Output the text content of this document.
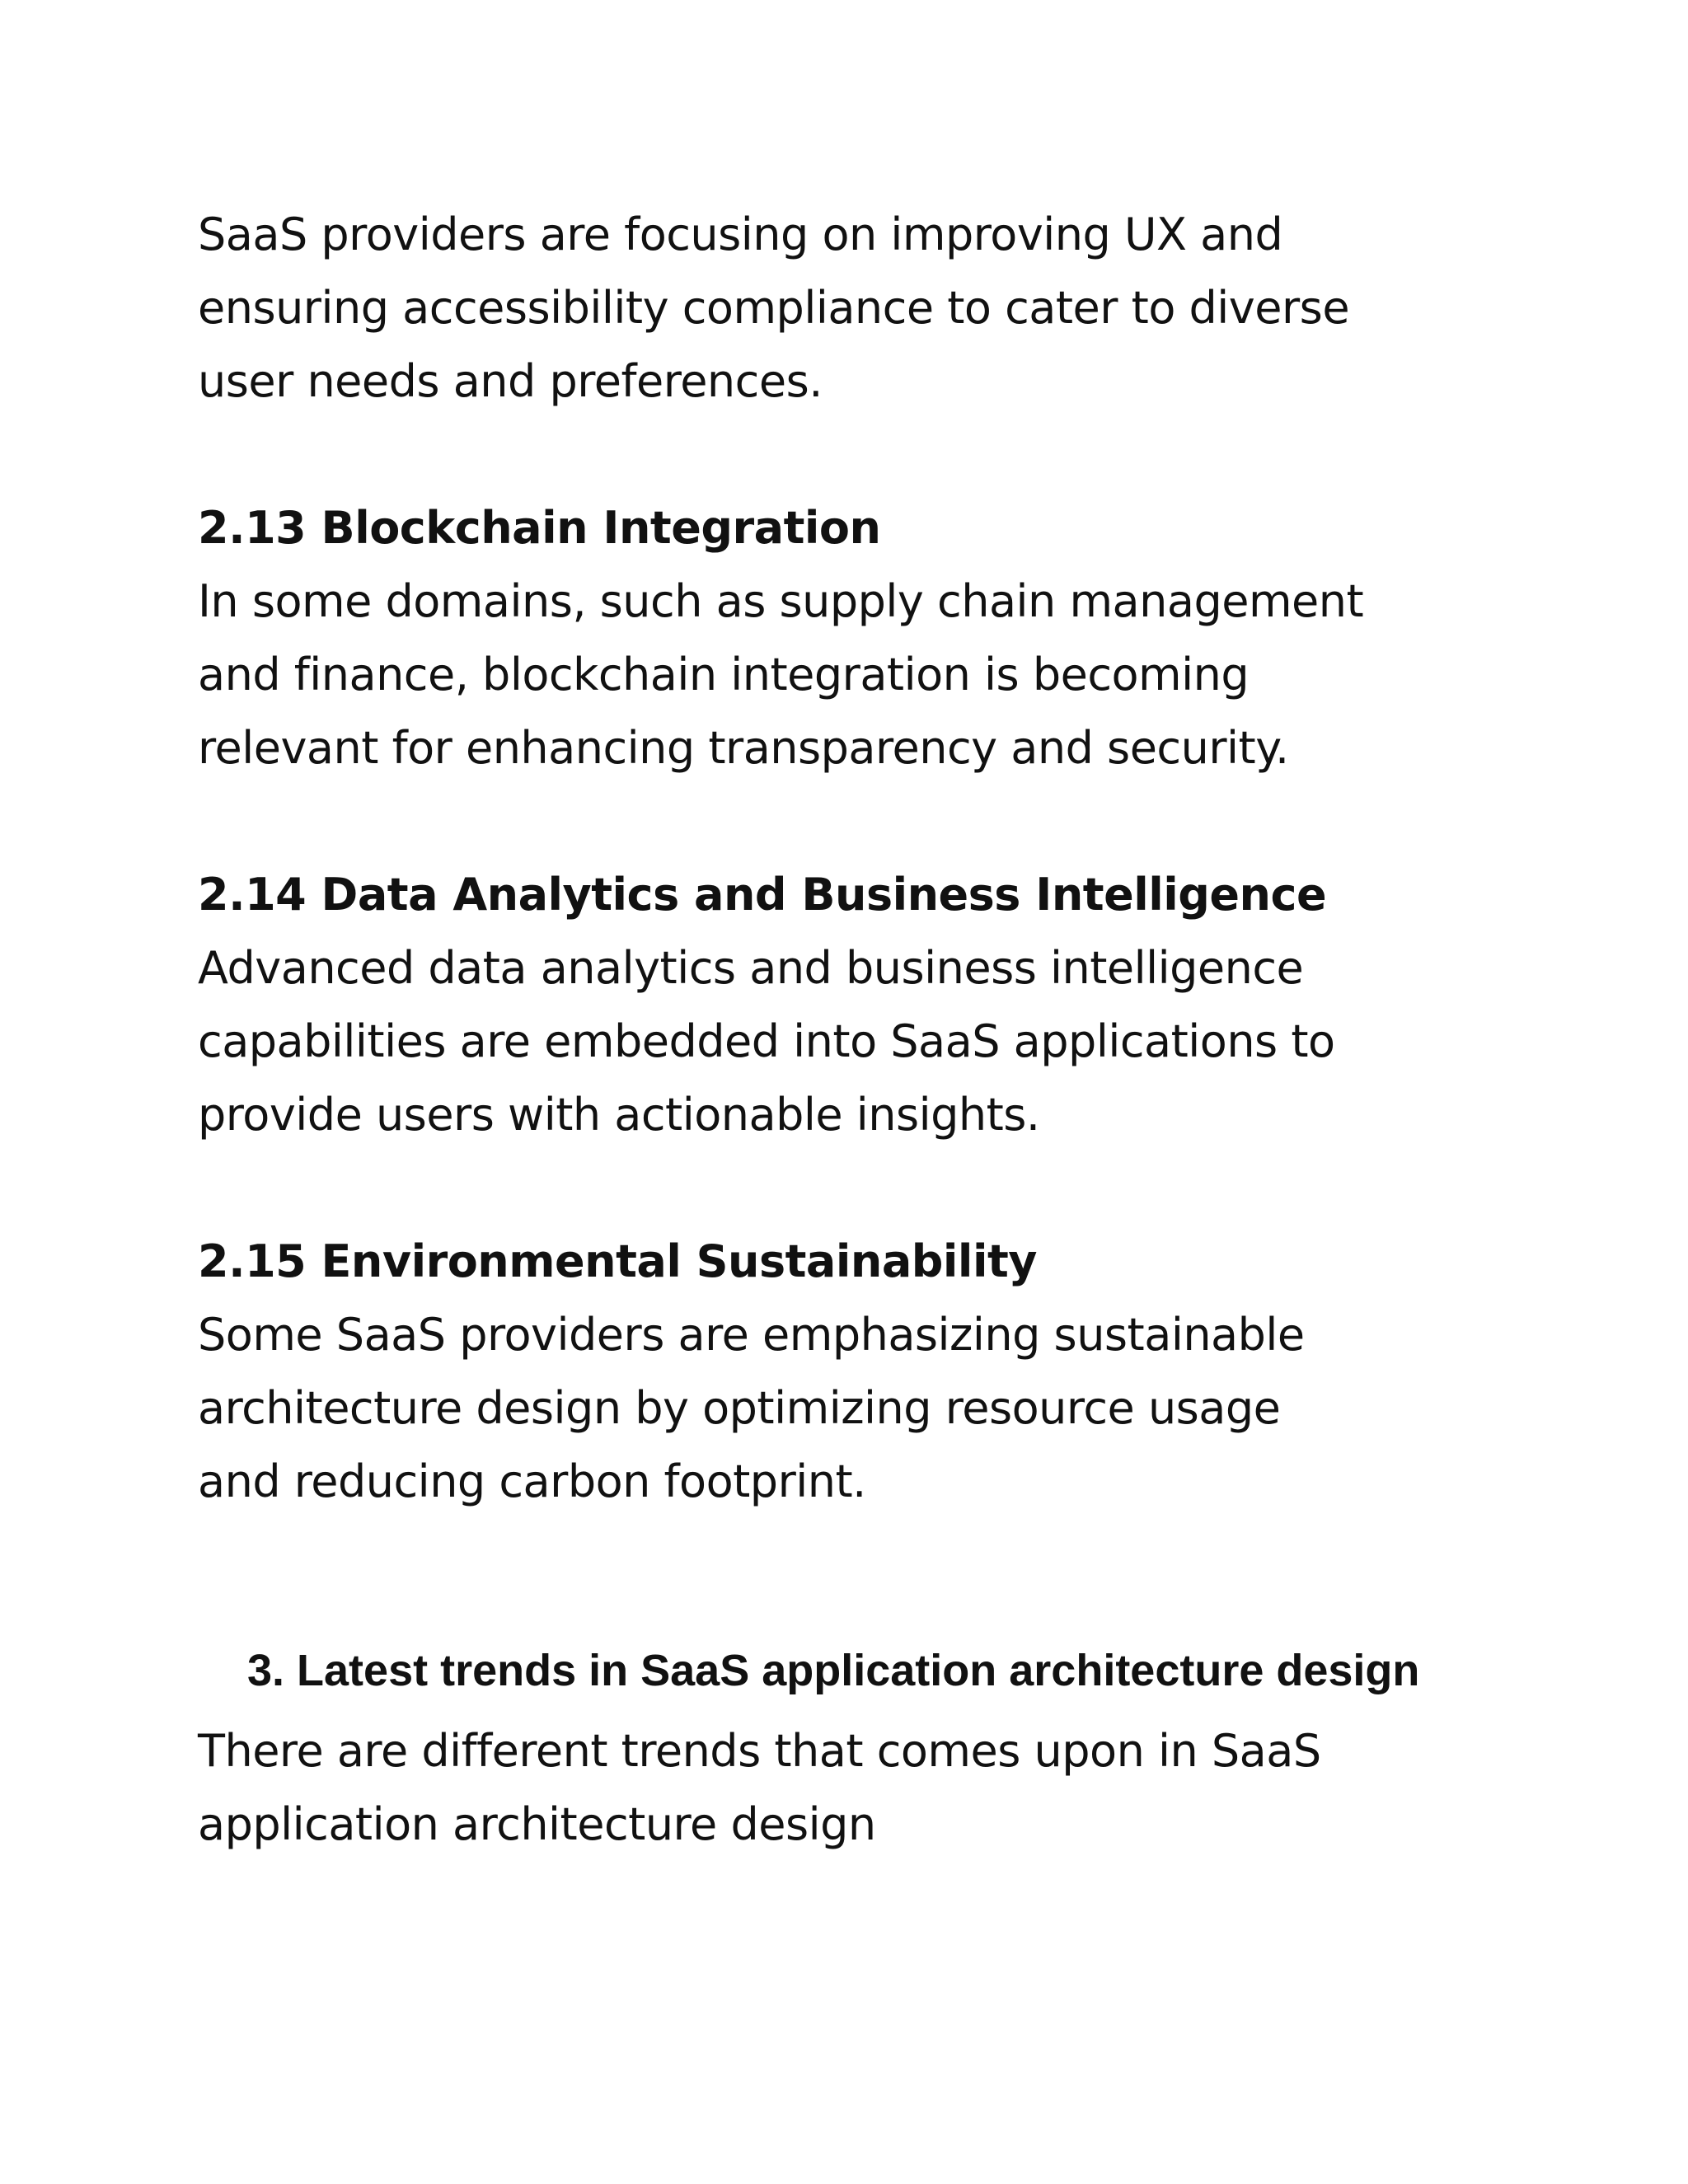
SaaS providers are focusing on improving UX and ensuring accessibility compliance to cater to diverse user needs and preferences.

2.13 Blockchain Integration

In some domains, such as supply chain management and finance, blockchain integration is becoming relevant for enhancing transparency and security.

2.14 Data Analytics and Business Intelligence

Advanced data analytics and business intelligence capabilities are embedded into SaaS applications to provide users with actionable insights.

2.15 Environmental Sustainability

Some SaaS providers are emphasizing sustainable architecture design by optimizing resource usage and reducing carbon footprint.

3. Latest trends in SaaS application architecture design

There are different trends that comes upon in SaaS application architecture design
